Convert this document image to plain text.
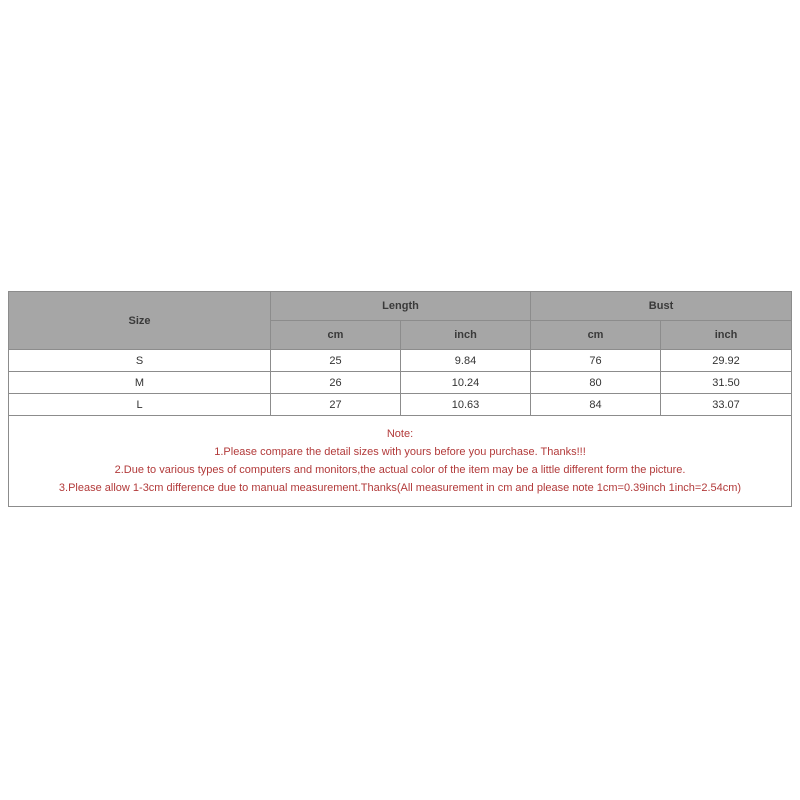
Size	Length		Bust	
	cm	inch	cm	inch
S	25	9.84	76	29.92
M	26	10.24	80	31.50
L	27	10.63	84	33.07

Note:
1.Please compare the detail sizes with yours before you purchase. Thanks!!!
2.Due to various types of computers and monitors,the actual color of the item may be a little different form the picture.
3.Please allow 1-3cm difference due to manual measurement.Thanks(All measurement in cm and please note 1cm=0.39inch 1inch=2.54cm)				
